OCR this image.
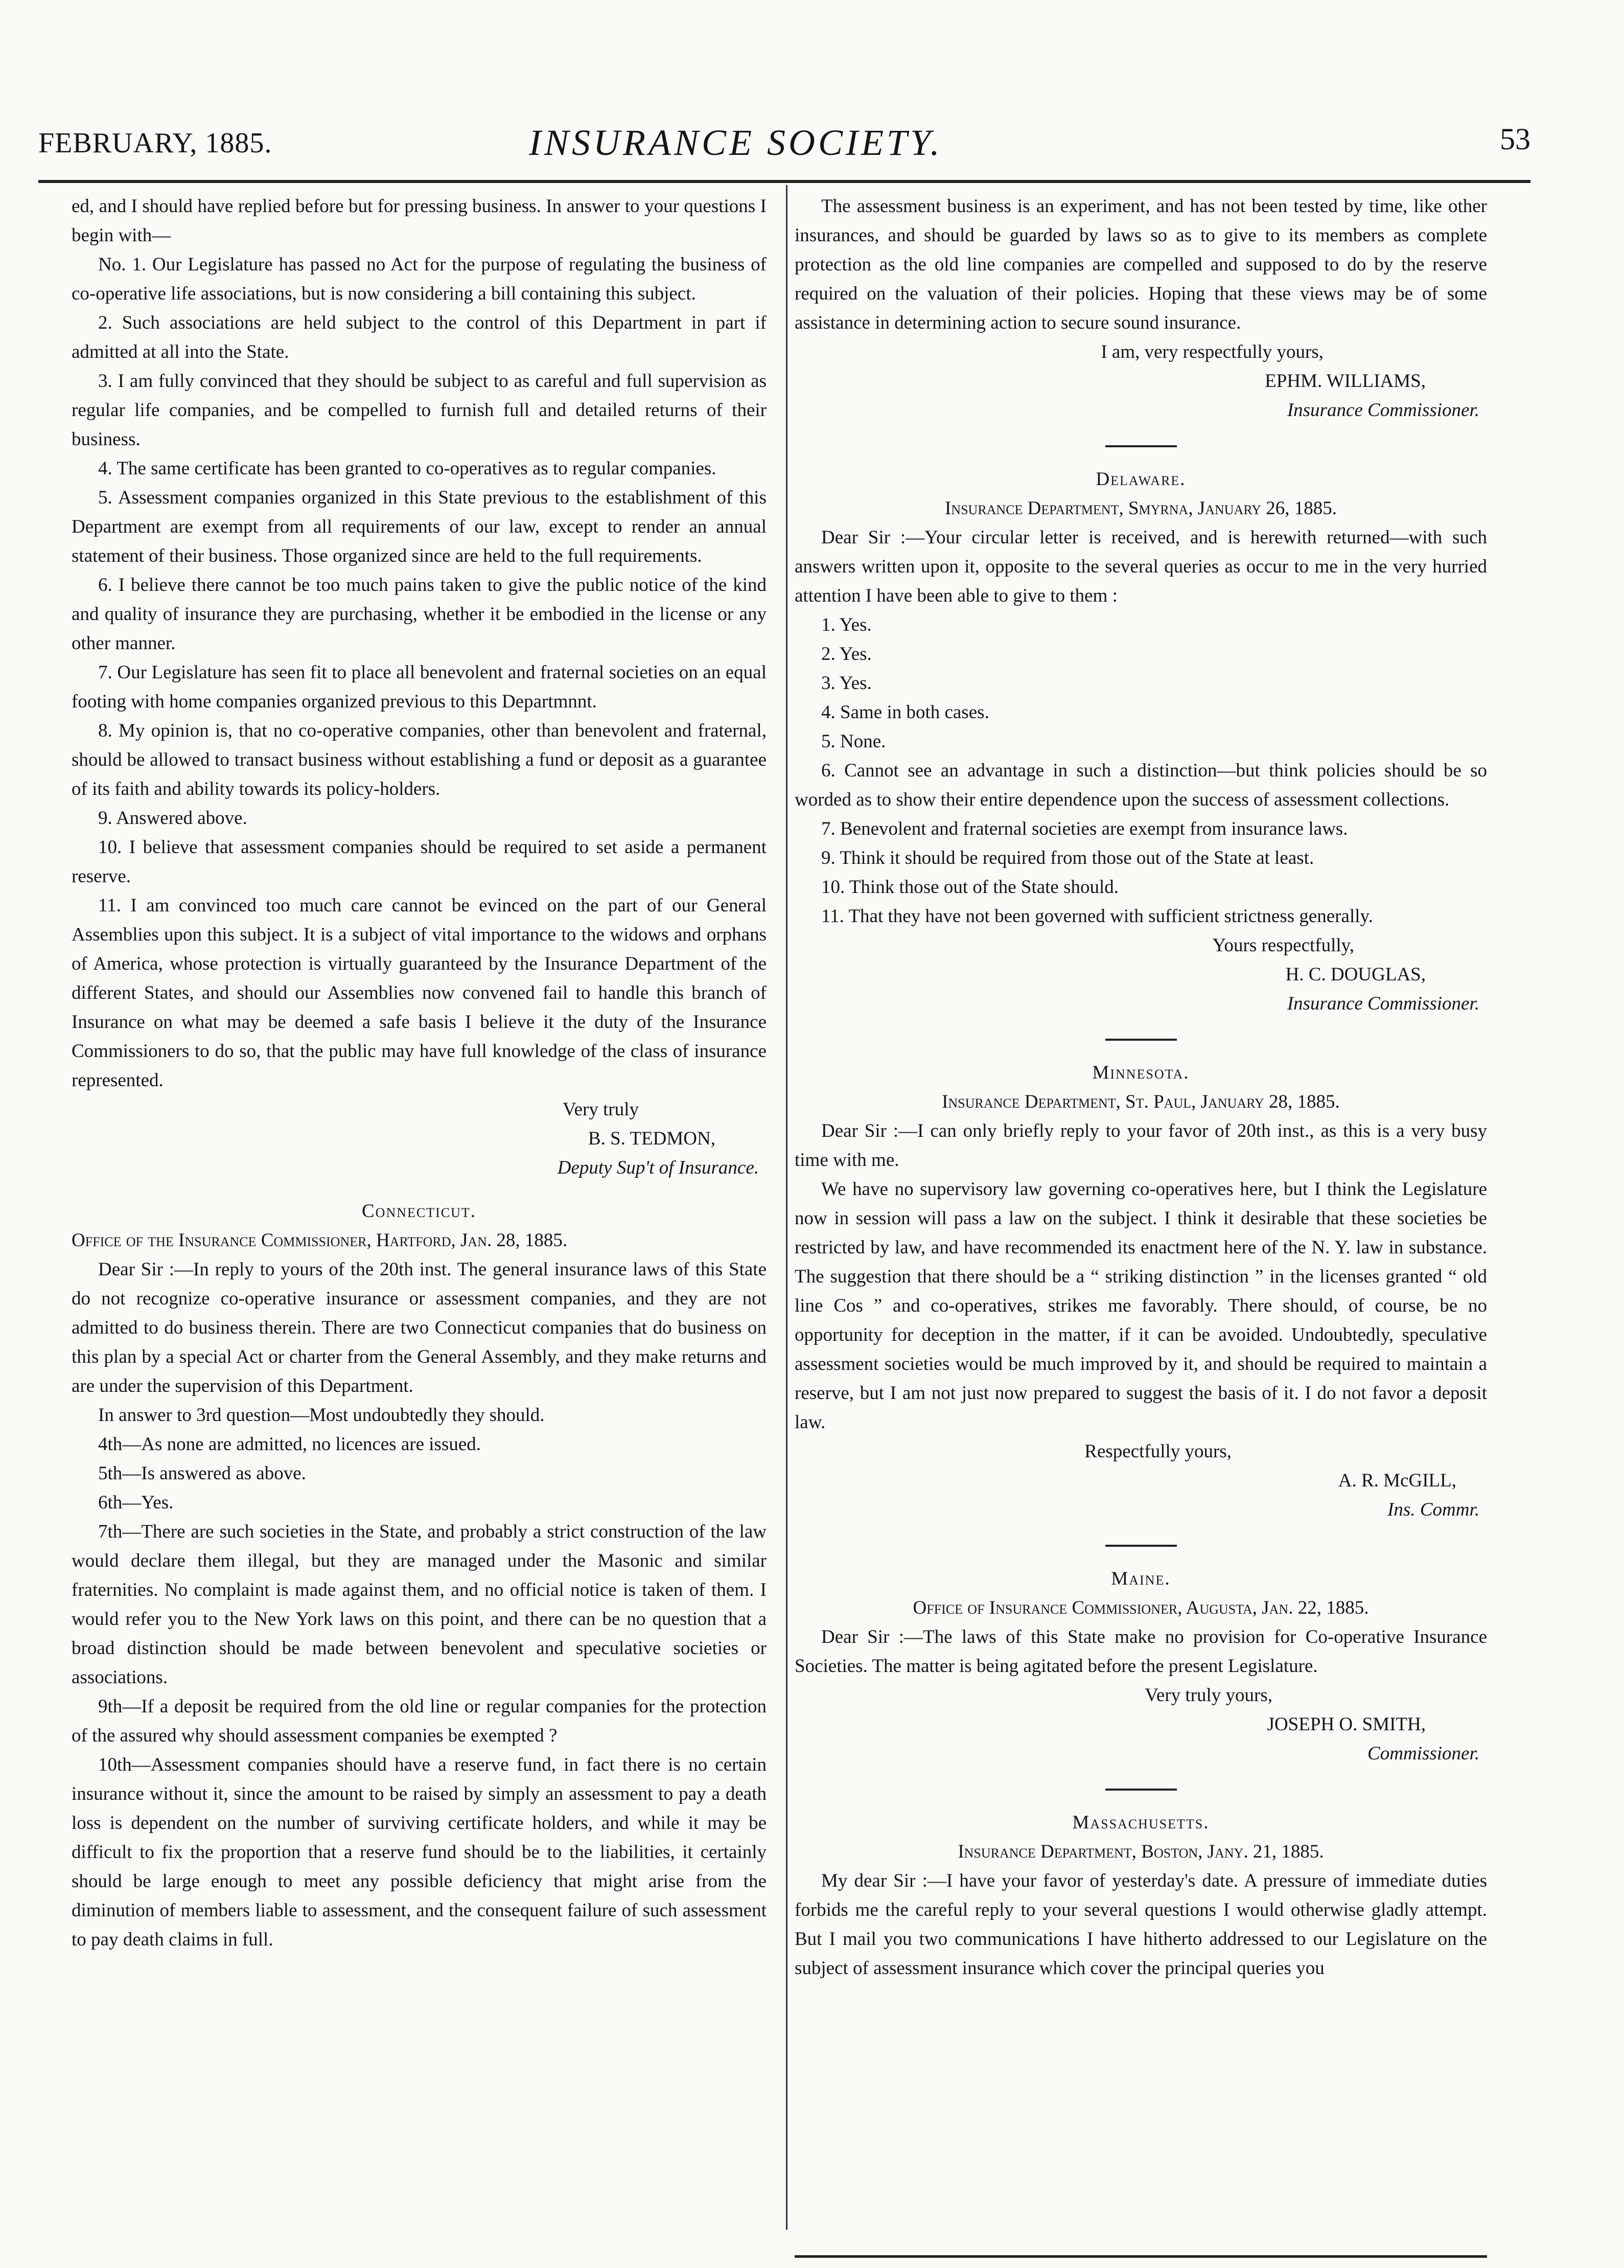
FEBRUARY, 1885.	INSURANCE SOCIETY.	53

ed, and I should have replied before but for pressing business. In answer to your questions I begin with—

No. 1. Our Legislature has passed no Act for the purpose of regulating the business of co-operative life associations, but is now considering a bill containing this subject.

2. Such associations are held subject to the control of this Department in part if admitted at all into the State.

3. I am fully convinced that they should be subject to as careful and full supervision as regular life companies, and be compelled to furnish full and detailed returns of their business.

4. The same certificate has been granted to co-operatives as to regular companies.

5. Assessment companies organized in this State previous to the establishment of this Department are exempt from all requirements of our law, except to render an annual statement of their business. Those organized since are held to the full requirements.

6. I believe there cannot be too much pains taken to give the public notice of the kind and quality of insurance they are purchasing, whether it be embodied in the license or any other manner.

7. Our Legislature has seen fit to place all benevolent and fraternal societies on an equal footing with home companies organized previous to this Departmnnt.

8. My opinion is, that no co-operative companies, other than benevolent and fraternal, should be allowed to transact business without establishing a fund or deposit as a guarantee of its faith and ability towards its policy-holders.

9. Answered above.

10. I believe that assessment companies should be required to set aside a permanent reserve.

11. I am convinced too much care cannot be evinced on the part of our General Assemblies upon this subject. It is a subject of vital importance to the widows and orphans of America, whose protection is virtually guaranteed by the Insurance Department of the different States, and should our Assemblies now convened fail to handle this branch of Insurance on what may be deemed a safe basis I believe it the duty of the Insurance Commissioners to do so, that the public may have full knowledge of the class of insurance represented.

Very truly

B. S. TEDMON,

Deputy Sup't of Insurance.

Connecticut.

Office of the Insurance Commissioner, Hartford, Jan. 28, 1885.

Dear Sir :—In reply to yours of the 20th inst. The general insurance laws of this State do not recognize co-operative insurance or assessment companies, and they are not admitted to do business therein. There are two Connecticut companies that do business on this plan by a special Act or charter from the General Assembly, and they make returns and are under the supervision of this Department.

In answer to 3rd question—Most undoubtedly they should.

4th—As none are admitted, no licences are issued.

5th—Is answered as above.

6th—Yes.

7th—There are such societies in the State, and probably a strict construction of the law would declare them illegal, but they are managed under the Masonic and similar fraternities. No complaint is made against them, and no official notice is taken of them. I would refer you to the New York laws on this point, and there can be no question that a broad distinction should be made between benevolent and speculative societies or associations.

9th—If a deposit be required from the old line or regular companies for the protection of the assured why should assessment companies be exempted ?

10th—Assessment companies should have a reserve fund, in fact there is no certain insurance without it, since the amount to be raised by simply an assessment to pay a death loss is dependent on the number of surviving certificate holders, and while it may be difficult to fix the proportion that a reserve fund should be to the liabilities, it certainly should be large enough to meet any possible deficiency that might arise from the diminution of members liable to assessment, and the consequent failure of such assessment to pay death claims in full.

The assessment business is an experiment, and has not been tested by time, like other insurances, and should be guarded by laws so as to give to its members as complete protection as the old line companies are compelled and supposed to do by the reserve required on the valuation of their policies. Hoping that these views may be of some assistance in determining action to secure sound insurance.

I am, very respectfully yours,

EPHM. WILLIAMS,

Insurance Commissioner.

Delaware.

Insurance Department, Smyrna, January 26, 1885.

Dear Sir :—Your circular letter is received, and is herewith returned—with such answers written upon it, opposite to the several queries as occur to me in the very hurried attention I have been able to give to them :

1. Yes.

2. Yes.

3. Yes.

4. Same in both cases.

5. None.

6. Cannot see an advantage in such a distinction—but think policies should be so worded as to show their entire dependence upon the success of assessment collections.

7. Benevolent and fraternal societies are exempt from insurance laws.

9. Think it should be required from those out of the State at least.

10. Think those out of the State should.

11. That they have not been governed with sufficient strictness generally.

Yours respectfully,

H. C. DOUGLAS,

Insurance Commissioner.

Minnesota.

Insurance Department, St. Paul, January 28, 1885.

Dear Sir :—I can only briefly reply to your favor of 20th inst., as this is a very busy time with me.

We have no supervisory law governing co-operatives here, but I think the Legislature now in session will pass a law on the subject. I think it desirable that these societies be restricted by law, and have recommended its enactment here of the N. Y. law in substance. The suggestion that there should be a “ striking distinction ” in the licenses granted “ old line Cos ” and co-operatives, strikes me favorably. There should, of course, be no opportunity for deception in the matter, if it can be avoided. Undoubtedly, speculative assessment societies would be much improved by it, and should be required to maintain a reserve, but I am not just now prepared to suggest the basis of it. I do not favor a deposit law.

Respectfully yours,

A. R. McGILL,

Ins. Commr.

Maine.

Office of Insurance Commissioner, Augusta, Jan. 22, 1885.

Dear Sir :—The laws of this State make no provision for Co-operative Insurance Societies. The matter is being agitated before the present Legislature.

Very truly yours,

JOSEPH O. SMITH,

Commissioner.

Massachusetts.

Insurance Department, Boston, Jany. 21, 1885.

My dear Sir :—I have your favor of yesterday's date. A pressure of immediate duties forbids me the careful reply to your several questions I would otherwise gladly attempt. But I mail you two communications I have hitherto addressed to our Legislature on the subject of assessment insurance which cover the principal queries you
